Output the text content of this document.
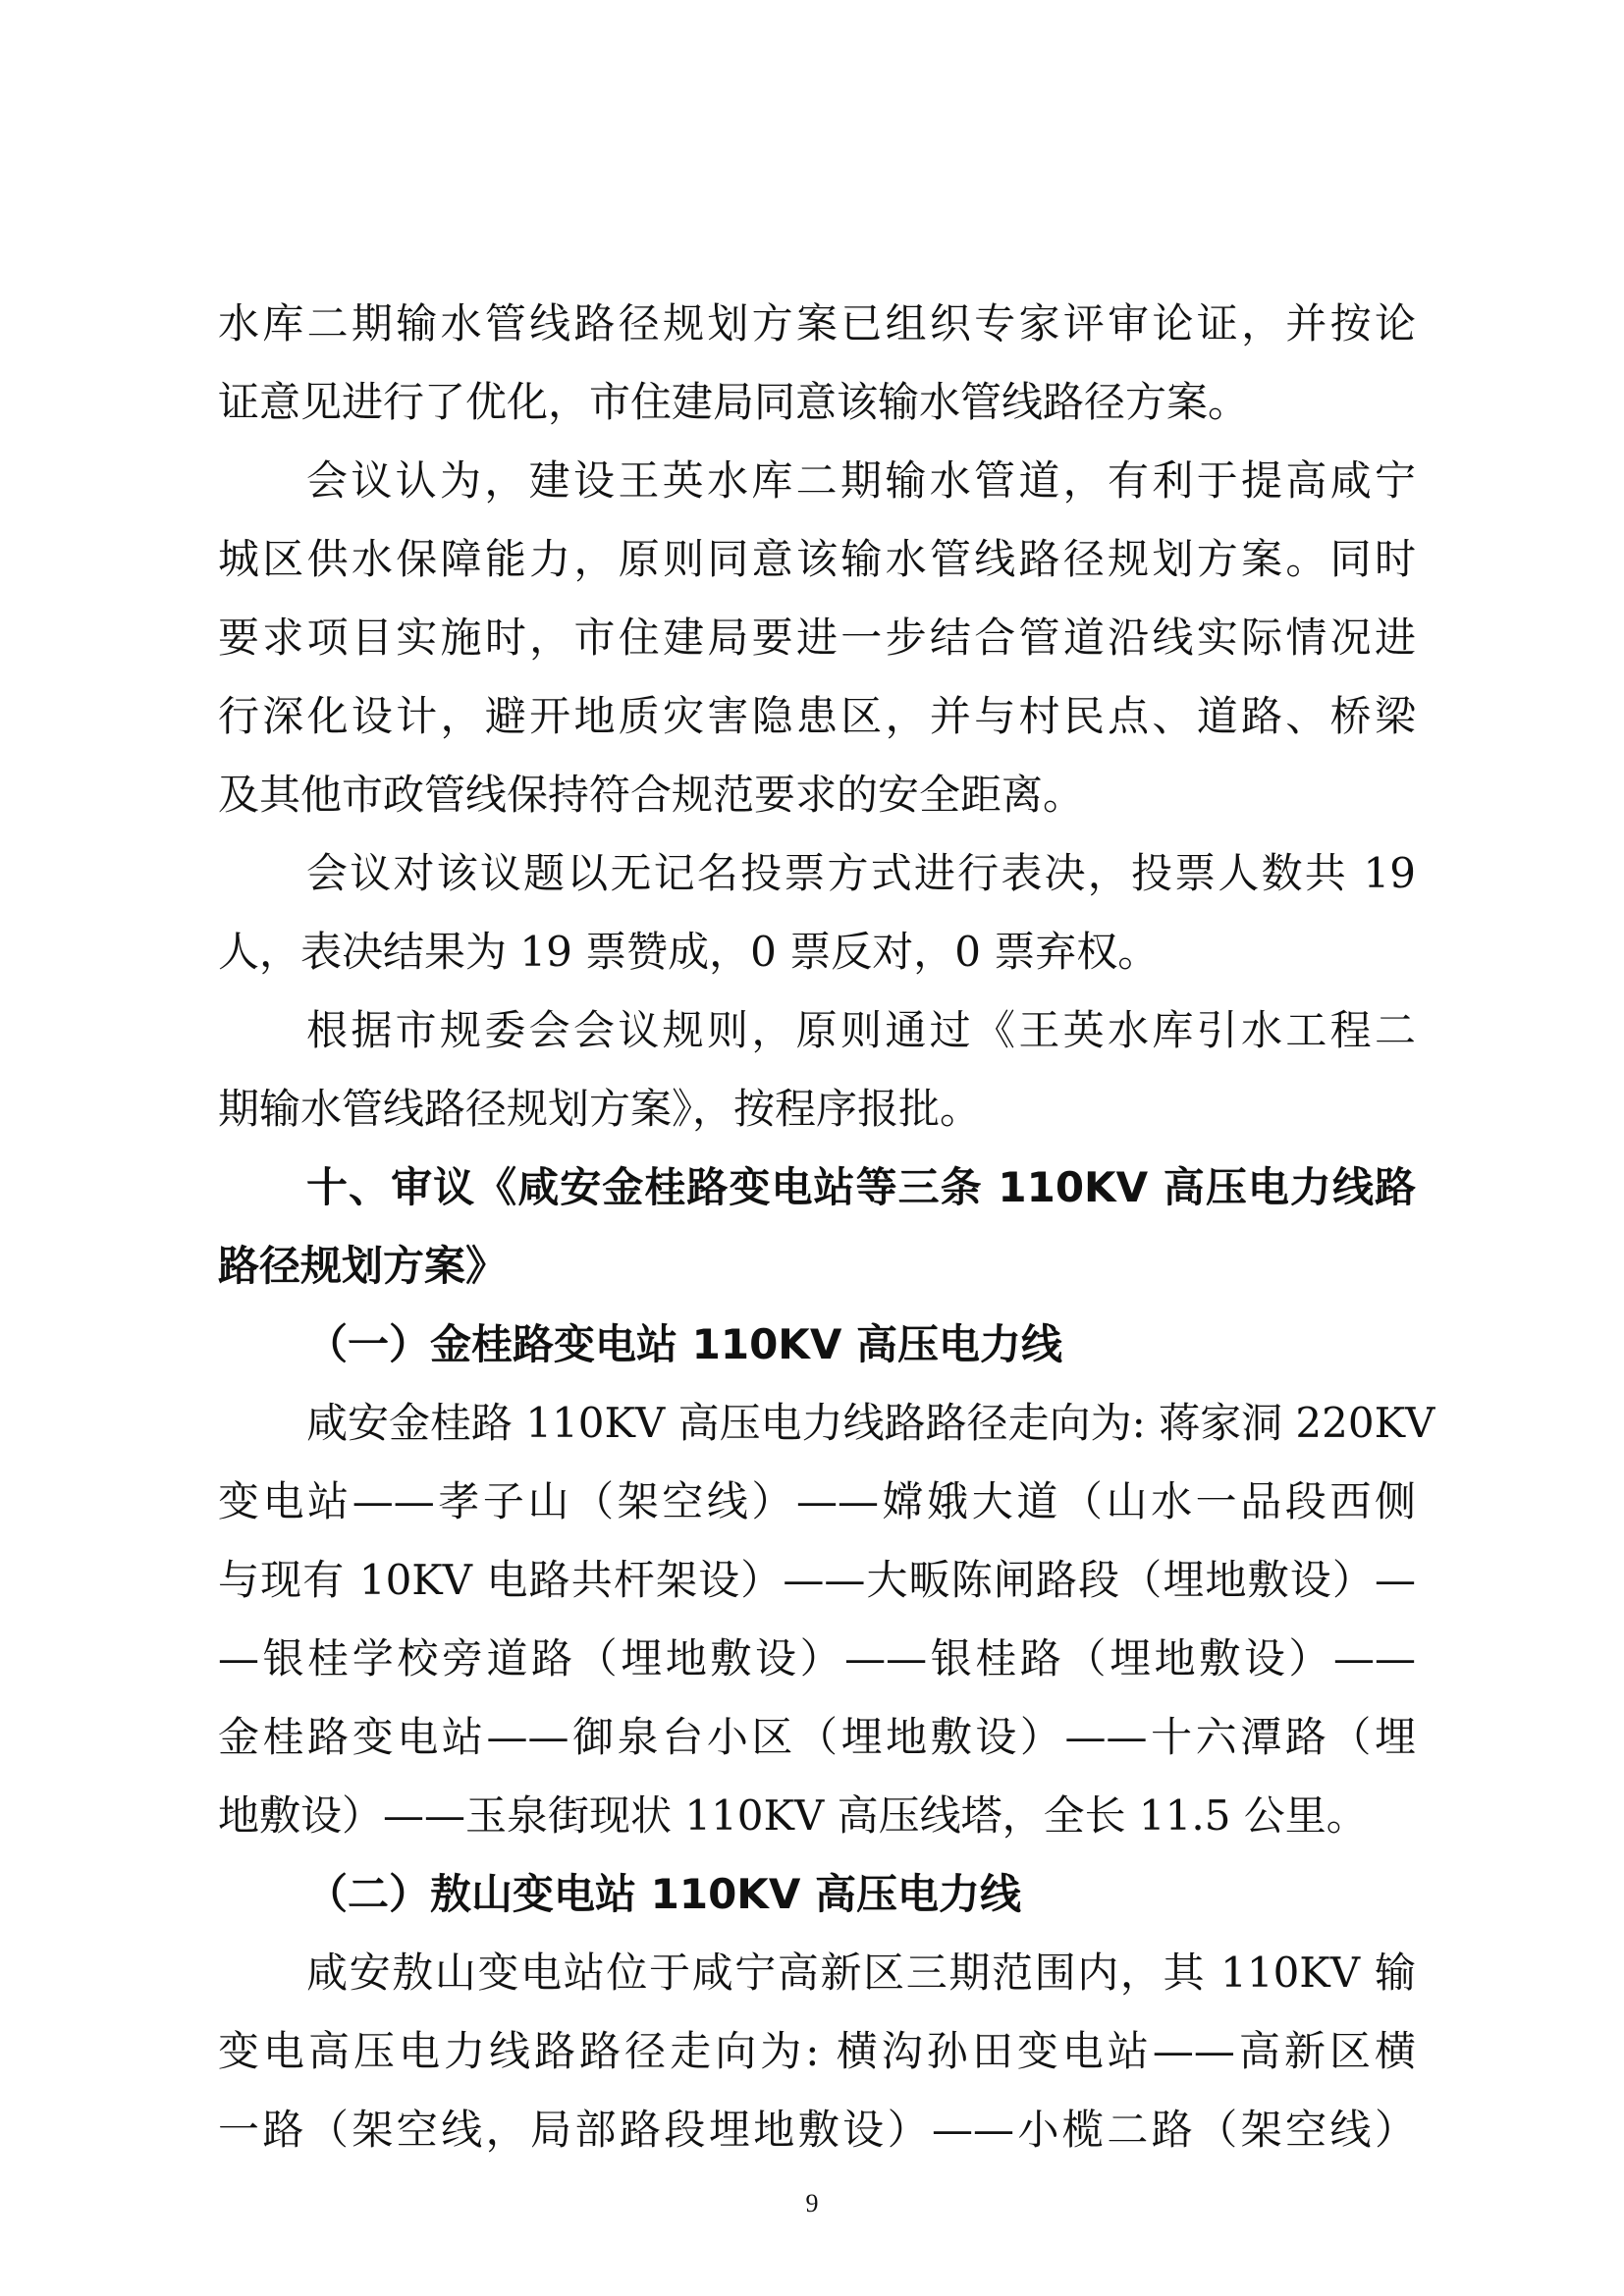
水库二期输水管线路径规划方案已组织专家评审论证，并按论
证意见进行了优化，市住建局同意该输水管线路径方案。
会议认为，建设王英水库二期输水管道，有利于提高咸宁
城区供水保障能力，原则同意该输水管线路径规划方案。同时
要求项目实施时，市住建局要进一步结合管道沿线实际情况进
行深化设计，避开地质灾害隐患区，并与村民点、道路、桥梁
及其他市政管线保持符合规范要求的安全距离。
会议对该议题以无记名投票方式进行表决，投票人数共 19
人，表决结果为 19 票赞成，0 票反对，0 票弃权。
根据市规委会会议规则，原则通过《王英水库引水工程二
期输水管线路径规划方案》，按程序报批。
十、审议《咸安金桂路变电站等三条 110KV 高压电力线路
路径规划方案》
（一）金桂路变电站 110KV 高压电力线
咸安金桂路 110KV 高压电力线路路径走向为: 蒋家洞 220KV
变电站——孝子山（架空线）——嫦娥大道（山水一品段西侧
与现有 10KV 电路共杆架设）——大畈陈闸路段（埋地敷设）—
—银桂学校旁道路（埋地敷设）——银桂路（埋地敷设）——
金桂路变电站——御泉台小区（埋地敷设）——十六潭路（埋
地敷设）——玉泉街现状 110KV 高压线塔，全长 11.5 公里。
（二）敖山变电站 110KV 高压电力线
咸安敖山变电站位于咸宁高新区三期范围内，其 110KV 输
变电高压电力线路路径走向为: 横沟孙田变电站——高新区横
一路（架空线，局部路段埋地敷设）——小榄二路（架空线）
9
